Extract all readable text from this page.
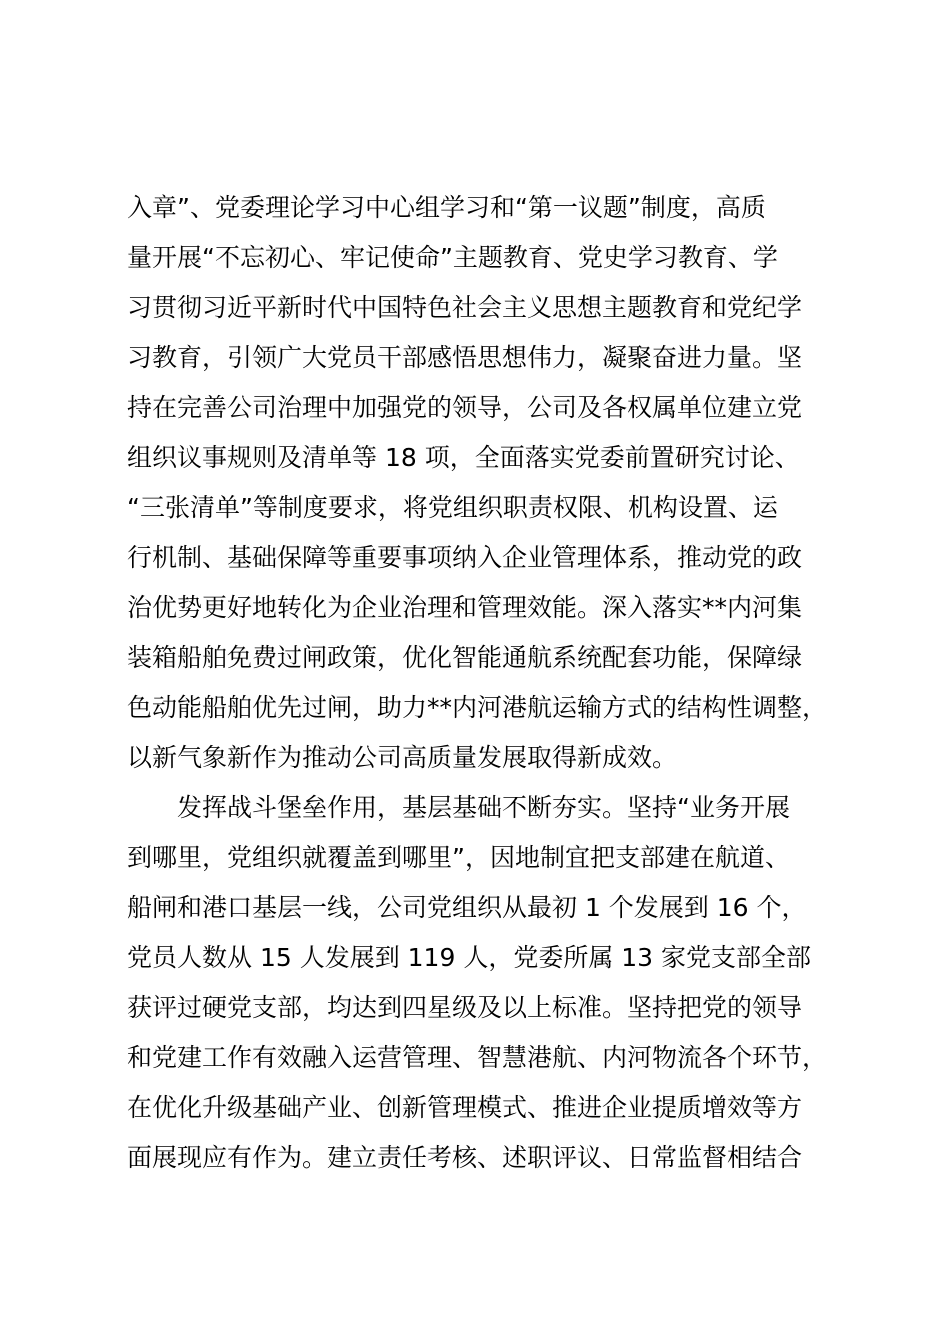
入章”、党委理论学习中心组学习和“第一议题”制度，高质
量开展“不忘初心、牢记使命”主题教育、党史学习教育、学
习贯彻习近平新时代中国特色社会主义思想主题教育和党纪学
习教育，引领广大党员干部感悟思想伟力，凝聚奋进力量。坚
持在完善公司治理中加强党的领导，公司及各权属单位建立党
组织议事规则及清单等 18 项，全面落实党委前置研究讨论、
“三张清单”等制度要求，将党组织职责权限、机构设置、运
行机制、基础保障等重要事项纳入企业管理体系，推动党的政
治优势更好地转化为企业治理和管理效能。深入落实**内河集
装箱船舶免费过闸政策，优化智能通航系统配套功能，保障绿
色动能船舶优先过闸，助力**内河港航运输方式的结构性调整，
以新气象新作为推动公司高质量发展取得新成效。
发挥战斗堡垒作用，基层基础不断夯实。坚持“业务开展
到哪里，党组织就覆盖到哪里”，因地制宜把支部建在航道、
船闸和港口基层一线，公司党组织从最初 1 个发展到 16 个，
党员人数从 15 人发展到 119 人，党委所属 13 家党支部全部
获评过硬党支部，均达到四星级及以上标准。坚持把党的领导
和党建工作有效融入运营管理、智慧港航、内河物流各个环节，
在优化升级基础产业、创新管理模式、推进企业提质增效等方
面展现应有作为。建立责任考核、述职评议、日常监督相结合
